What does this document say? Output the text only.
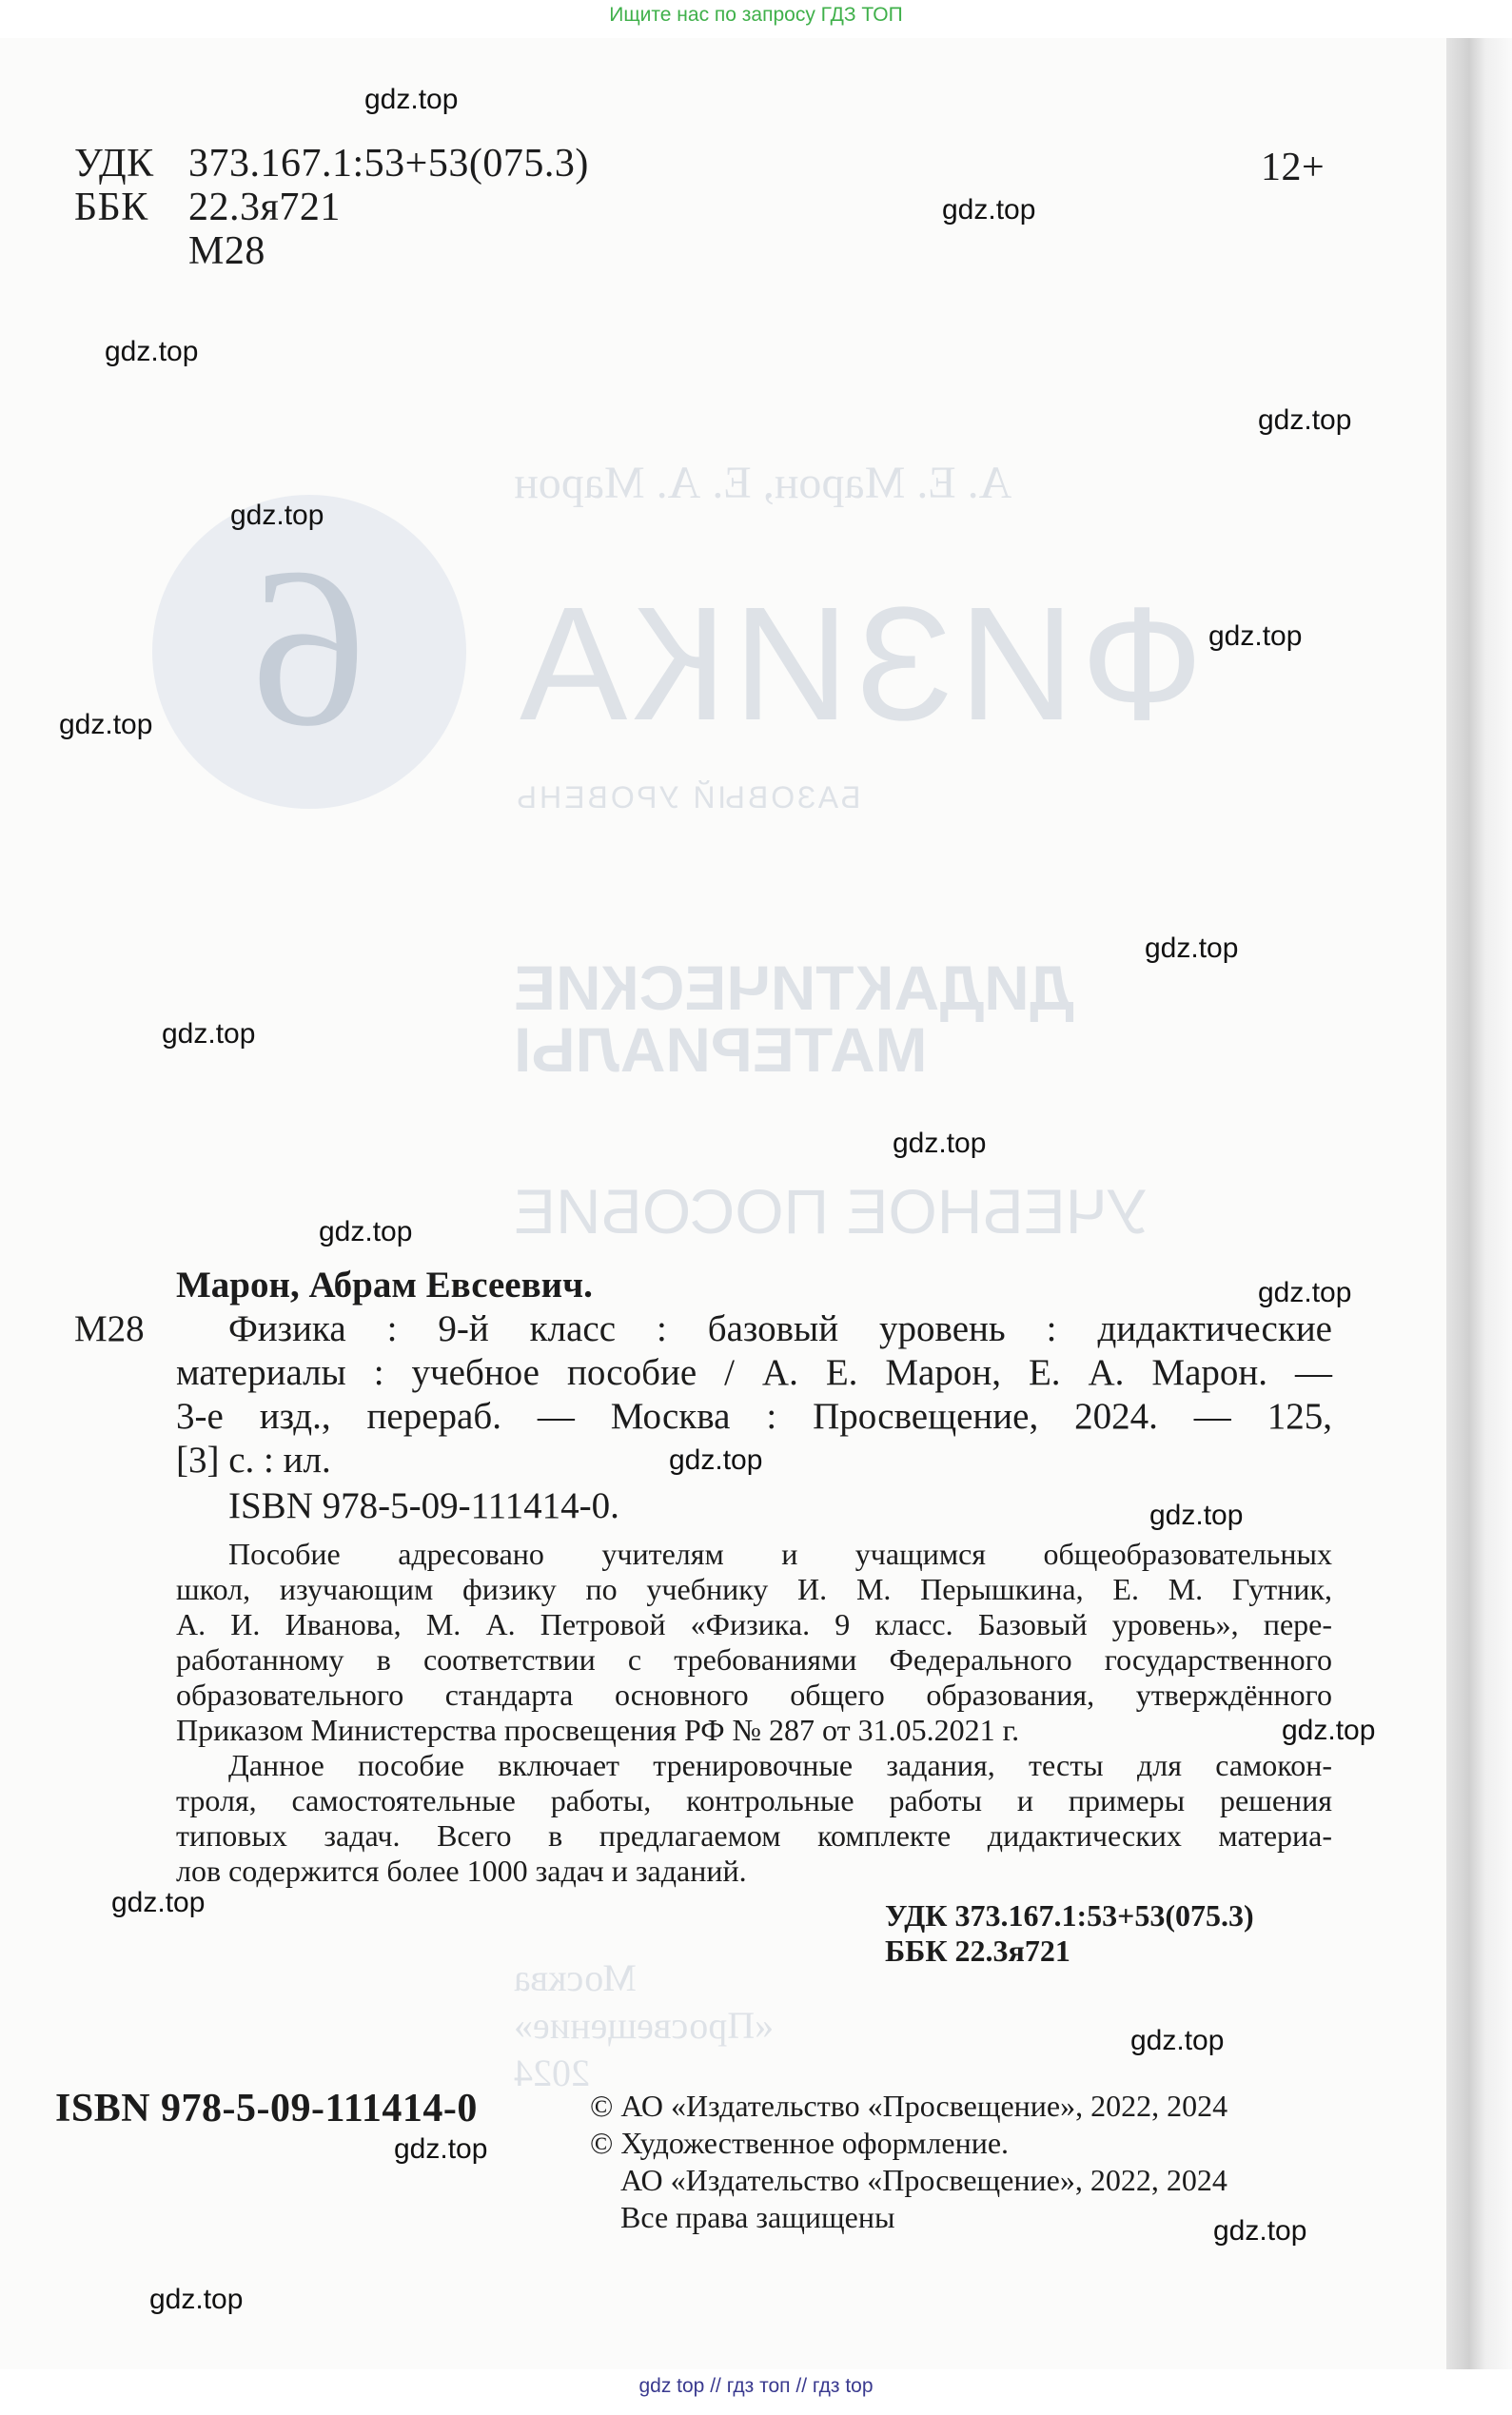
Ищите нас по запросу ГДЗ ТОП
9
А. Е. Марон, Е. А. Марон
ФИЗИКА
БАЗОВЫЙ УРОВЕНЬ
ДИДАКТИЧЕСКИЕ
МАТЕРИАЛЫ
УЧЕБНОЕ ПОСОБИЕ
Москва
«Просвещение»
2024
УДК 373.167.1:53+53(075.3)
ББК 22.3я721
М28
12+
Марон, Абрам Евсеевич.
М28 Физика : 9-й класс : базовый уровень : дидактические
материалы : учебное пособие / А. Е. Марон, Е. А. Марон. —
3-е изд., перераб. — Москва : Просвещение, 2024. — 125,
[3] с. : ил.
ISBN 978-5-09-111414-0.
Пособие адресовано учителям и учащимся общеобразовательных
школ, изучающим физику по учебнику И. М. Перышкина, Е. М. Гутник,
А. И. Иванова, М. А. Петровой «Физика. 9 класс. Базовый уровень», пере-
работанному в соответствии с требованиями Федерального государственного
образовательного стандарта основного общего образования, утверждённого
Приказом Министерства просвещения РФ № 287 от 31.05.2021 г.
Данное пособие включает тренировочные задания, тесты для самокон-
троля, самостоятельные работы, контрольные работы и примеры решения
типовых задач. Всего в предлагаемом комплекте дидактических материа-
лов содержится более 1000 задач и заданий.
УДК 373.167.1:53+53(075.3)
ББК 22.3я721
ISBN 978-5-09-111414-0	© АО «Издательство «Просвещение», 2022, 2024
© Художественное оформление.
АО «Издательство «Просвещение», 2022, 2024
Все права защищены
gdz.top
gdz.top
gdz.top
gdz.top
gdz.top
gdz.top
gdz.top
gdz.top
gdz.top
gdz.top
gdz.top
gdz.top
gdz.top
gdz.top
gdz.top
gdz.top
gdz.top
gdz.top
gdz.top
gdz.top
gdz top // гдз топ // гдз top
